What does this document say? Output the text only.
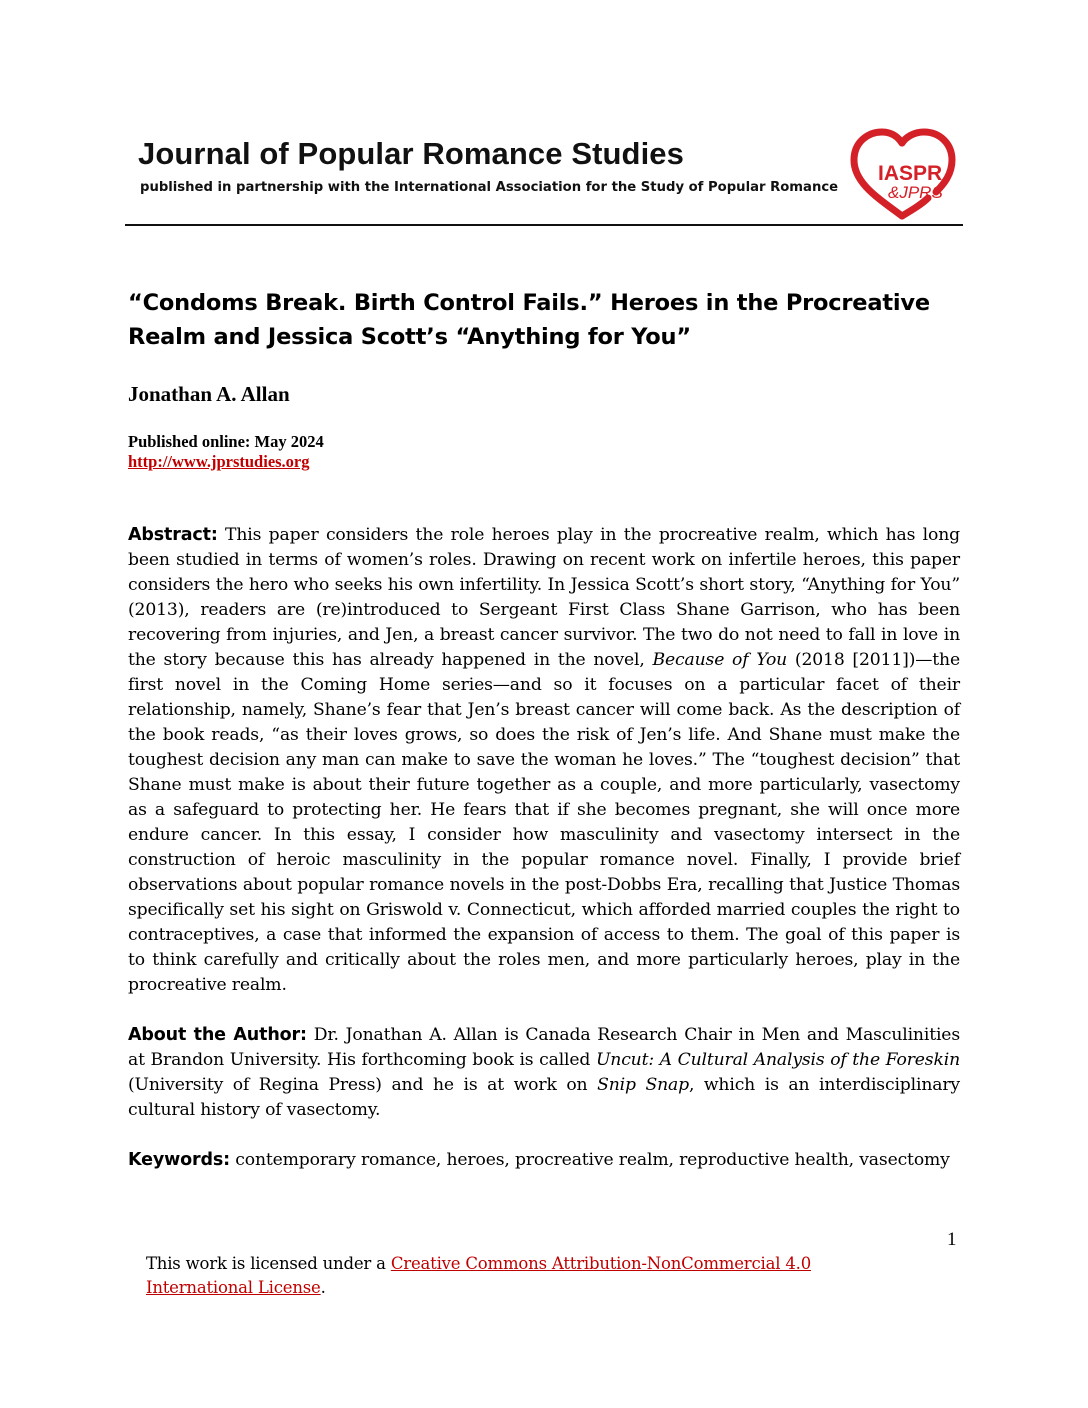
Journal of Popular Romance Studies
published in partnership with the International Association for the Study of Popular Romance
IASPR
&JPRS
“Condoms Break. Birth Control Fails.” Heroes in the Procreative Realm and Jessica Scott’s “Anything for You”
Jonathan A. Allan
Published online: May 2024
http://www.jprstudies.org

Abstract: This paper considers the role heroes play in the procreative realm, which has long been studied in terms of women’s roles. Drawing on recent work on infertile heroes, this paper considers the hero who seeks his own infertility. In Jessica Scott’s short story, “Anything for You” (2013), readers are (re)introduced to Sergeant First Class Shane Garrison, who has been recovering from injuries, and Jen, a breast cancer survivor. The two do not need to fall in love in the story because this has already happened in the novel, Because of You (2018 [2011])—the first novel in the Coming Home series—and so it focuses on a particular facet of their relationship, namely, Shane’s fear that Jen’s breast cancer will come back. As the description of the book reads, “as their loves grows, so does the risk of Jen’s life. And Shane must make the toughest decision any man can make to save the woman he loves.” The “toughest decision” that Shane must make is about their future together as a couple, and more particularly, vasectomy as a safeguard to protecting her. He fears that if she becomes pregnant, she will once more endure cancer. In this essay, I consider how masculinity and vasectomy intersect in the construction of heroic masculinity in the popular romance novel. Finally, I provide brief observations about popular romance novels in the post-Dobbs Era, recalling that Justice Thomas specifically set his sight on Griswold v. Connecticut, which afforded married couples the right to contraceptives, a case that informed the expansion of access to them. The goal of this paper is to think carefully and critically about the roles men, and more particularly heroes, play in the procreative realm.

About the Author: Dr. Jonathan A. Allan is Canada Research Chair in Men and Masculinities at Brandon University. His forthcoming book is called Uncut: A Cultural Analysis of the Foreskin (University of Regina Press) and he is at work on Snip Snap, which is an interdisciplinary cultural history of vasectomy.

Keywords: contemporary romance, heroes, procreative realm, reproductive health, vasectomy

1
This work is licensed under a Creative Commons Attribution-NonCommercial 4.0 International License.
